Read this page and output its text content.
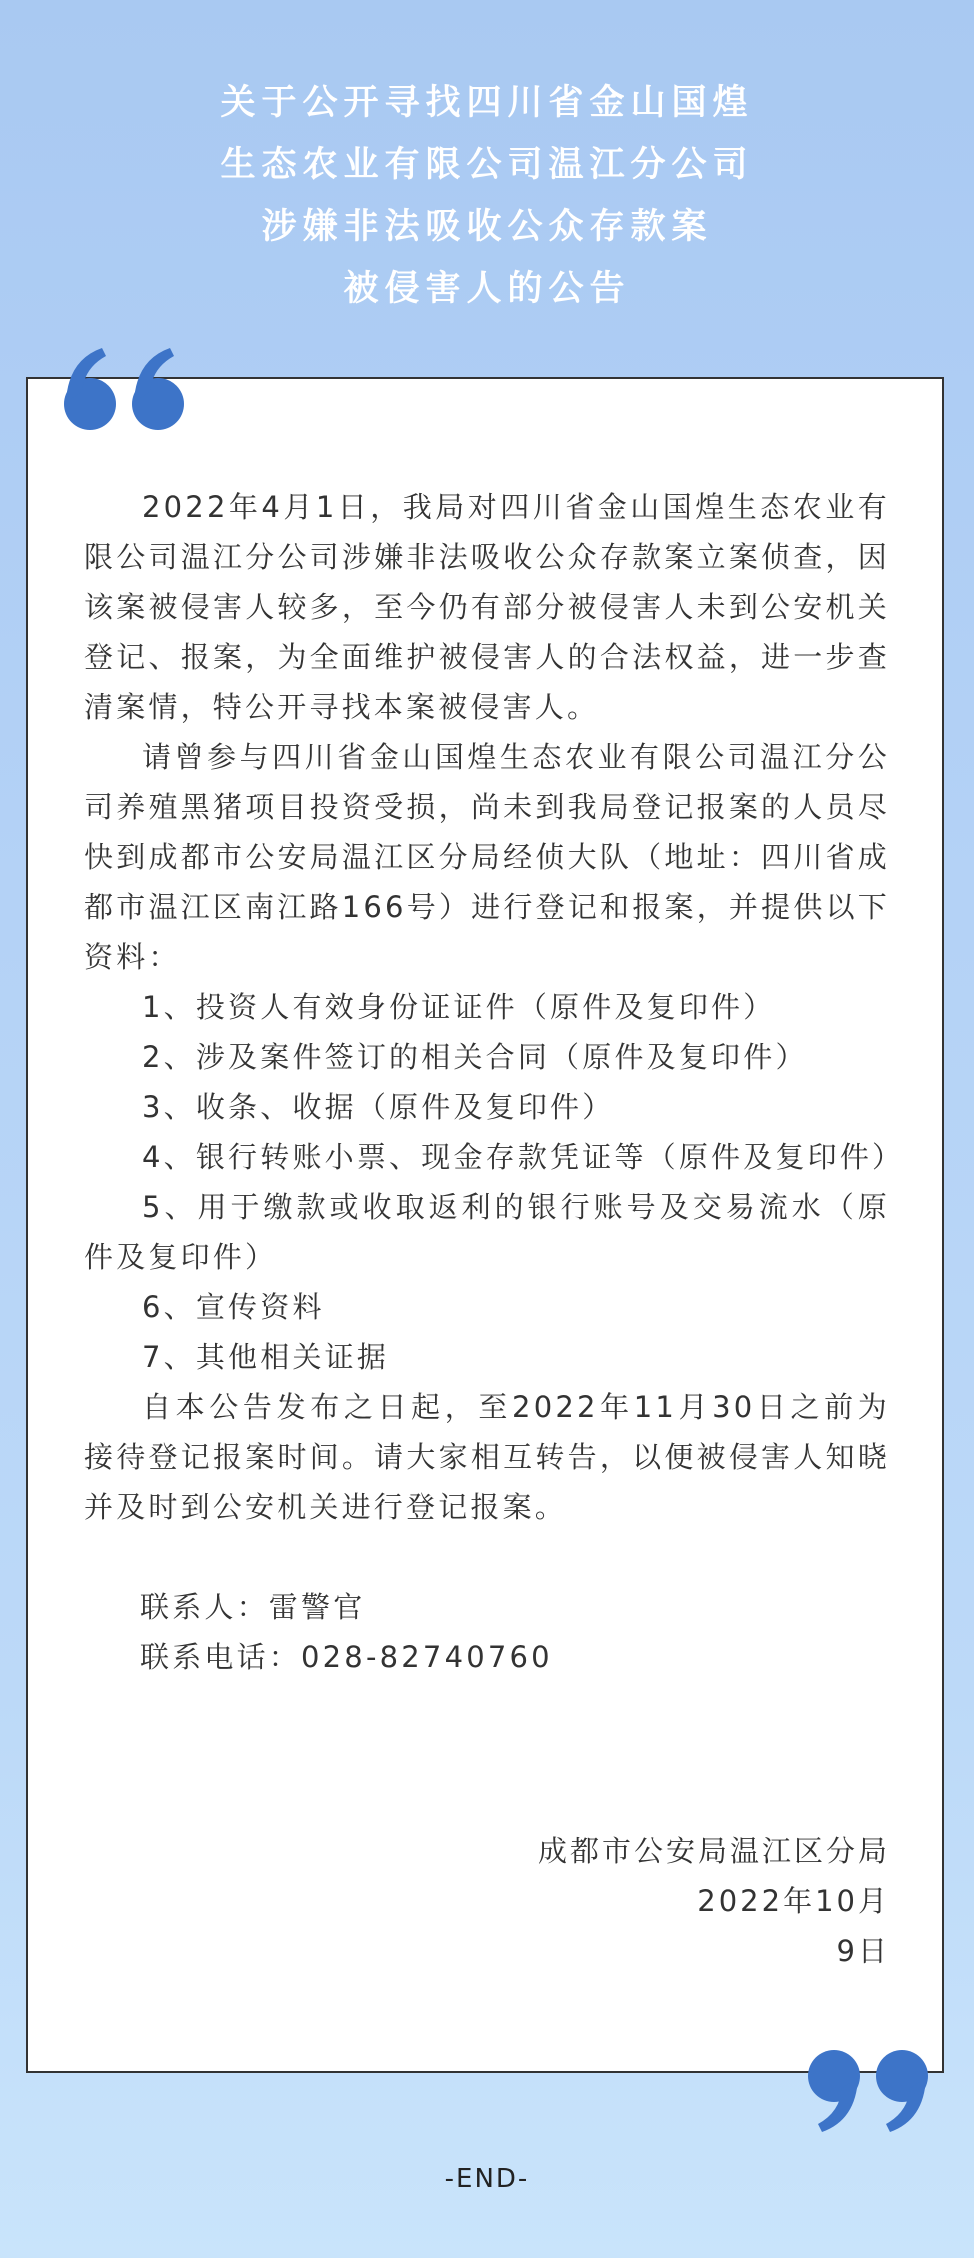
关于公开寻找四川省金山国煌
生态农业有限公司温江分公司
涉嫌非法吸收公众存款案
被侵害人的公告

2022年4月1日，我局对四川省金山国煌生态农业有限公司温江分公司涉嫌非法吸收公众存款案立案侦查，因该案被侵害人较多，至今仍有部分被侵害人未到公安机关登记、报案，为全面维护被侵害人的合法权益，进一步查清案情，特公开寻找本案被侵害人。

请曾参与四川省金山国煌生态农业有限公司温江分公司养殖黑猪项目投资受损，尚未到我局登记报案的人员尽快到成都市公安局温江区分局经侦大队（地址：四川省成都市温江区南江路166号）进行登记和报案，并提供以下资料：

1、投资人有效身份证证件（原件及复印件）

2、涉及案件签订的相关合同（原件及复印件）

3、收条、收据（原件及复印件）

4、银行转账小票、现金存款凭证等（原件及复印件）

5、用于缴款或收取返利的银行账号及交易流水（原件及复印件）

6、宣传资料

7、其他相关证据

自本公告发布之日起，至2022年11月30日之前为接待登记报案时间。请大家相互转告，以便被侵害人知晓并及时到公安机关进行登记报案。

联系人：雷警官

联系电话：028-82740760

成都市公安局温江区分局
2022年10月
9日
-END-
